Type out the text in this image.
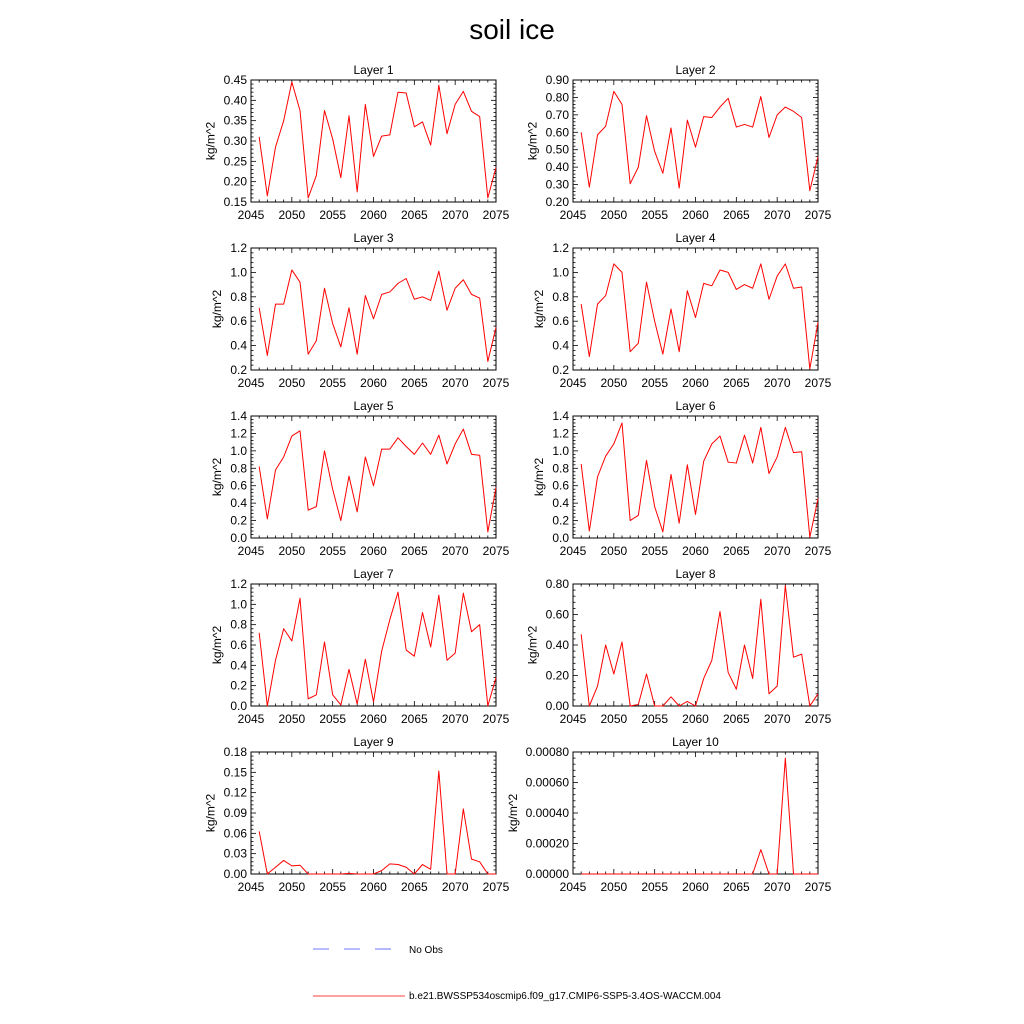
soil ice
Layer 1
2045 2050 2055 2060 2065 2070 2075
0.15
0.20
0.25
0.30
0.35
0.40
0.45
kg/m^2
Layer 2
2045 2050 2055 2060 2065 2070 2075
0.20
0.30
0.40
0.50
0.60
0.70
0.80
0.90
kg/m^2
Layer 3
2045 2050 2055 2060 2065 2070 2075
0.2
0.4
0.6
0.8
1.0
1.2
kg/m^2
Layer 4
2045 2050 2055 2060 2065 2070 2075
0.2
0.4
0.6
0.8
1.0
1.2
kg/m^2
Layer 5
2045 2050 2055 2060 2065 2070 2075
0.0
0.2
0.4
0.6
0.8
1.0
1.2
1.4
kg/m^2
Layer 6
2045 2050 2055 2060 2065 2070 2075
0.0
0.2
0.4
0.6
0.8
1.0
1.2
1.4
kg/m^2
Layer 7
2045 2050 2055 2060 2065 2070 2075
0.0
0.2
0.4
0.6
0.8
1.0
1.2
kg/m^2
Layer 8
2045 2050 2055 2060 2065 2070 2075
0.00
0.20
0.40
0.60
0.80
kg/m^2
Layer 9
2045 2050 2055 2060 2065 2070 2075
0.00
0.03
0.06
0.09
0.12
0.15
0.18
kg/m^2
Layer 10
2045 2050 2055 2060 2065 2070 2075
0.00000
0.00020
0.00040
0.00060
0.00080
kg/m^2
No Obs
b.e21.BWSSP534oscmip6.f09_g17.CMIP6-SSP5-3.4OS-WACCM.004
